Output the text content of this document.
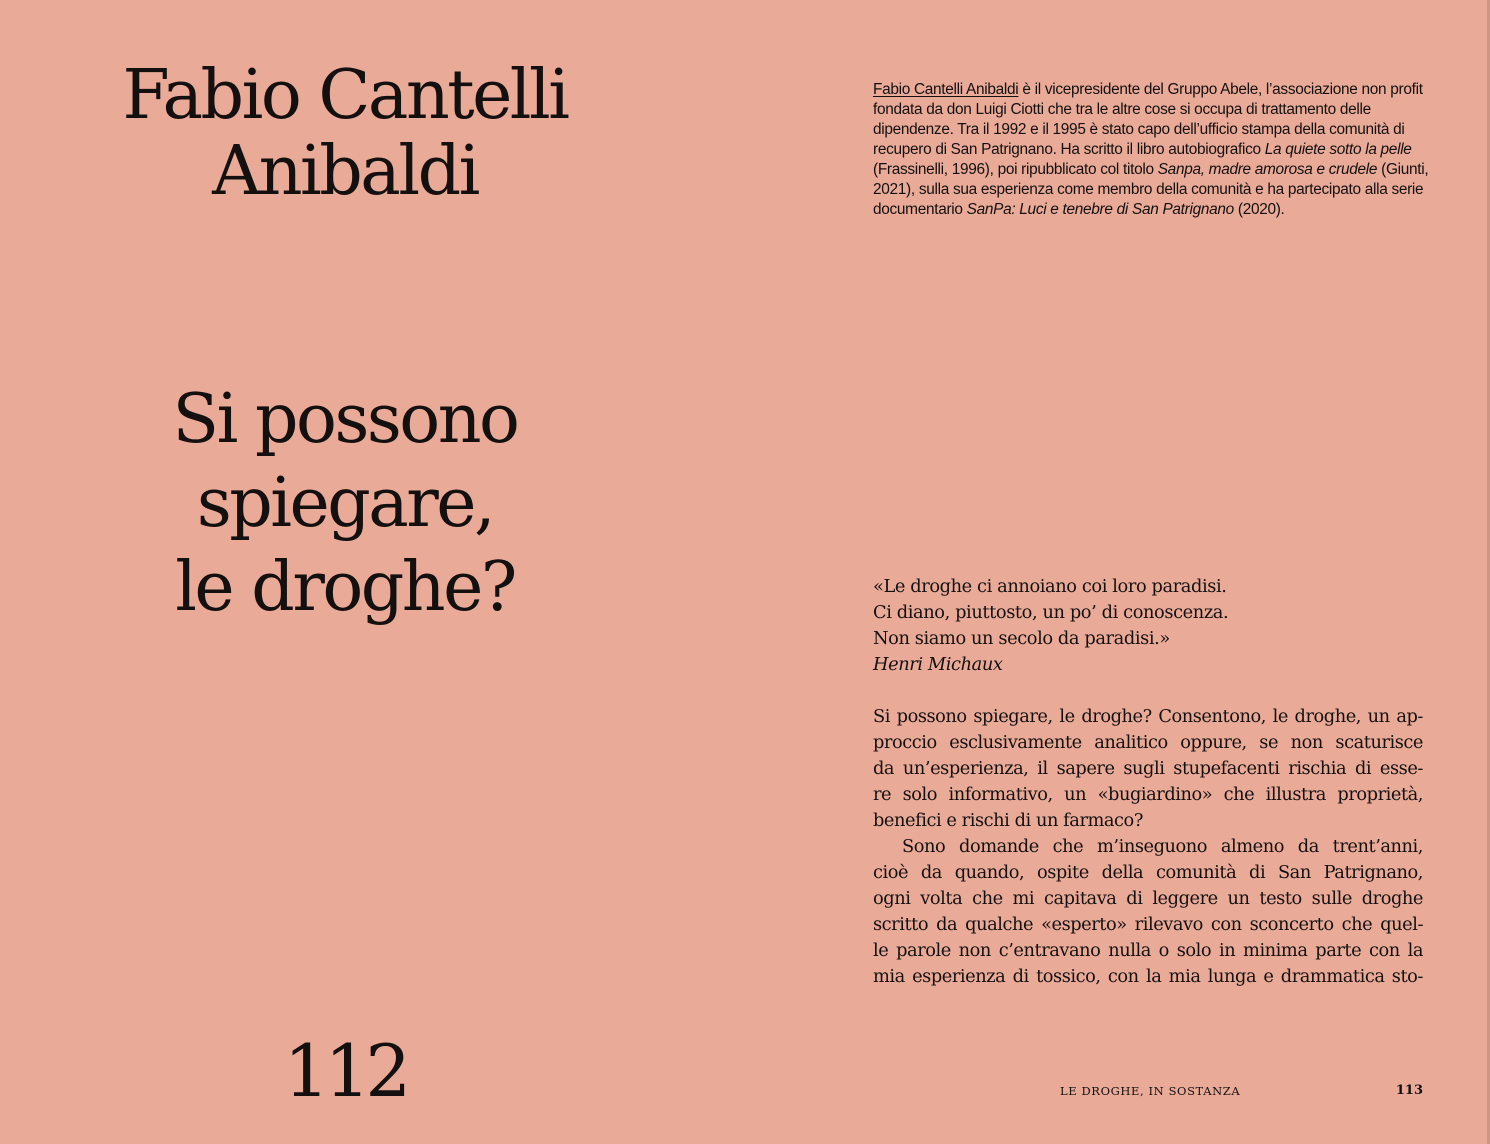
Fabio Cantelli
Anibaldi
Si possono
spiegare,
le droghe?
112
Fabio Cantelli Anibaldi è il vicepresidente del Gruppo Abele, l’associazione non profit fondata da don Luigi Ciotti che tra le altre cose si occupa di trattamento delle dipendenze. Tra il 1992 e il 1995 è stato capo dell’ufficio stampa della comunità di recupero di San Patrignano. Ha scritto il libro autobiografico La quiete sotto la pelle (Frassinelli, 1996), poi ripubblicato col titolo Sanpa, madre amorosa e crudele (Giunti, 2021), sulla sua esperienza come membro della comunità e ha partecipato alla serie documentario SanPa: Luci e tenebre di San Patrignano (2020).
«Le droghe ci annoiano coi loro paradisi.
Ci diano, piuttosto, un po’ di conoscenza.
Non siamo un secolo da paradisi.»
Henri Michaux
Si possono spiegare, le droghe? Consentono, le droghe, un ap-
proccio esclusivamente analitico oppure, se non scaturisce
da un’esperienza, il sapere sugli stupefacenti rischia di esse-
re solo informativo, un «bugiardino» che illustra proprietà,
benefici e rischi di un farmaco?
Sono domande che m’inseguono almeno da trent’anni,
cioè da quando, ospite della comunità di San Patrignano,
ogni volta che mi capitava di leggere un testo sulle droghe
scritto da qualche «esperto» rilevavo con sconcerto che quel-
le parole non c’entravano nulla o solo in minima parte con la
mia esperienza di tossico, con la mia lunga e drammatica sto-
LE DROGHE, IN SOSTANZA	113
